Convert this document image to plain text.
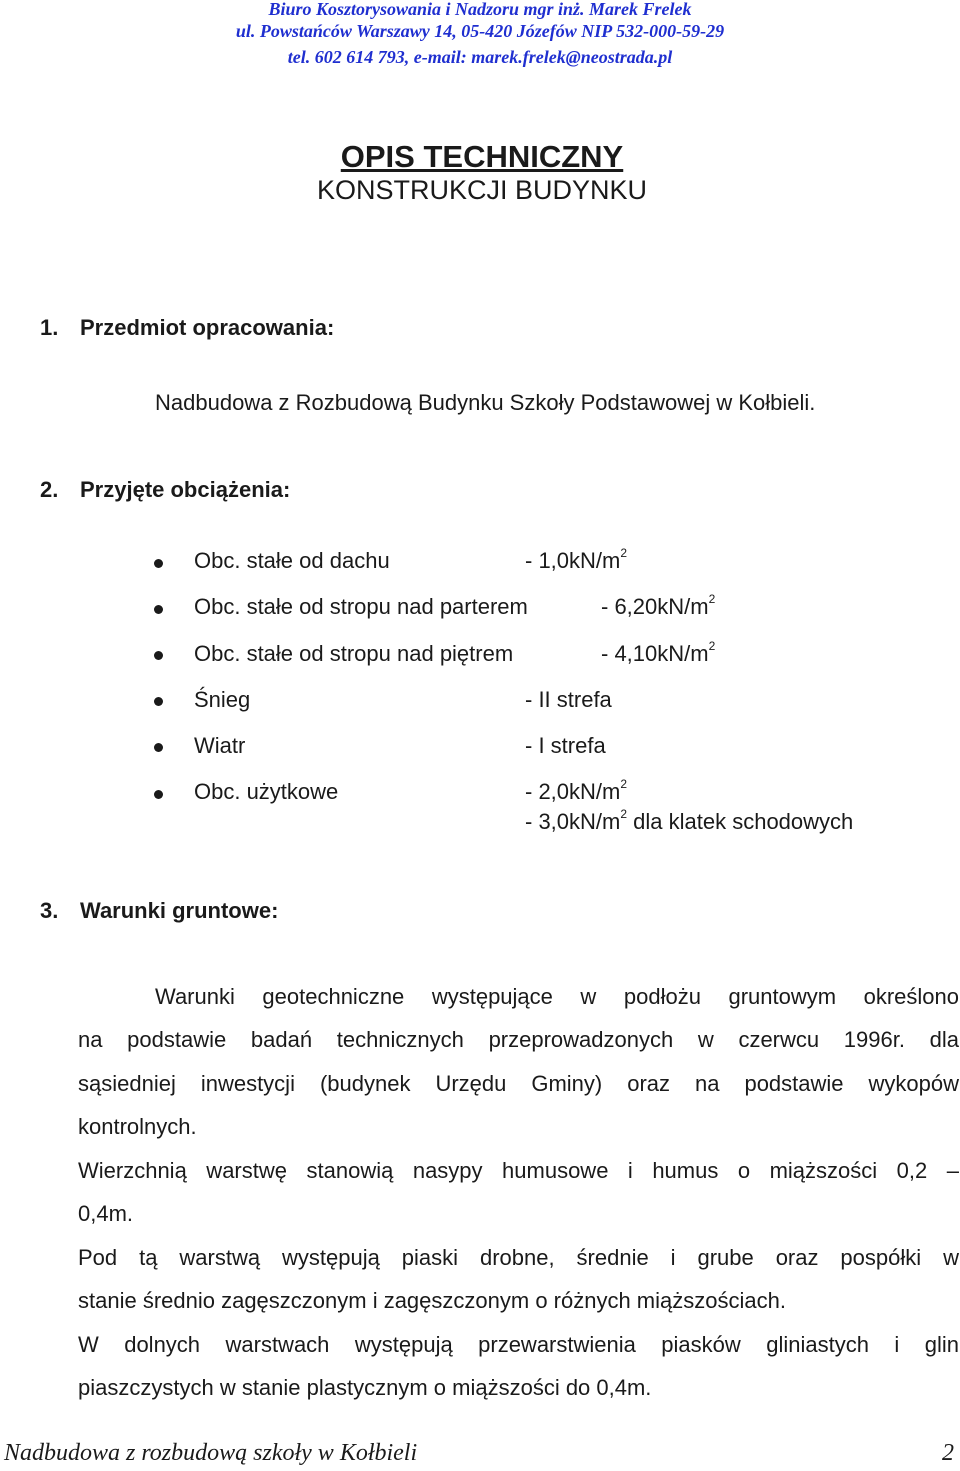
Biuro Kosztorysowania i Nadzoru mgr inż. Marek Frelek
ul. Powstańców Warszawy 14, 05-420 Józefów NIP 532-000-59-29
tel. 602 614 793, e-mail: marek.frelek@neostrada.pl
OPIS TECHNICZNY
KONSTRUKCJI BUDYNKU
1. Przedmiot opracowania:
Nadbudowa z Rozbudową Budynku Szkoły Podstawowej w Kołbieli.
2. Przyjęte obciążenia:
Obc. stałe od dachu	- $1,0kN/m^2$
Obc. stałe od stropu nad parterem	- $6,20kN/m^2$
Obc. stałe od stropu nad piętrem	- $4,10kN/m^2$
Śnieg	- II strefa
Wiatr	- I strefa
Obc. użytkowe	- $2,0kN/m^2$
- $3,0kN/m^2$ dla klatek schodowych
3. Warunki gruntowe:
Warunki geotechniczne występujące w podłożu gruntowym określono
na podstawie badań technicznych przeprowadzonych w czerwcu 1996r. dla
sąsiedniej inwestycji (budynek Urzędu Gminy) oraz na podstawie wykopów
kontrolnych.
Wierzchnią warstwę stanowią nasypy humusowe i humus o miąższości 0,2 –
0,4m.
Pod tą warstwą występują piaski drobne, średnie i grube oraz pospółki w
stanie średnio zagęszczonym i zagęszczonym o różnych miąższościach.
W dolnych warstwach występują przewarstwienia piasków gliniastych i glin
piaszczystych w stanie plastycznym o miąższości do 0,4m.
Nadbudowa z rozbudową szkoły w Kołbieli	2
